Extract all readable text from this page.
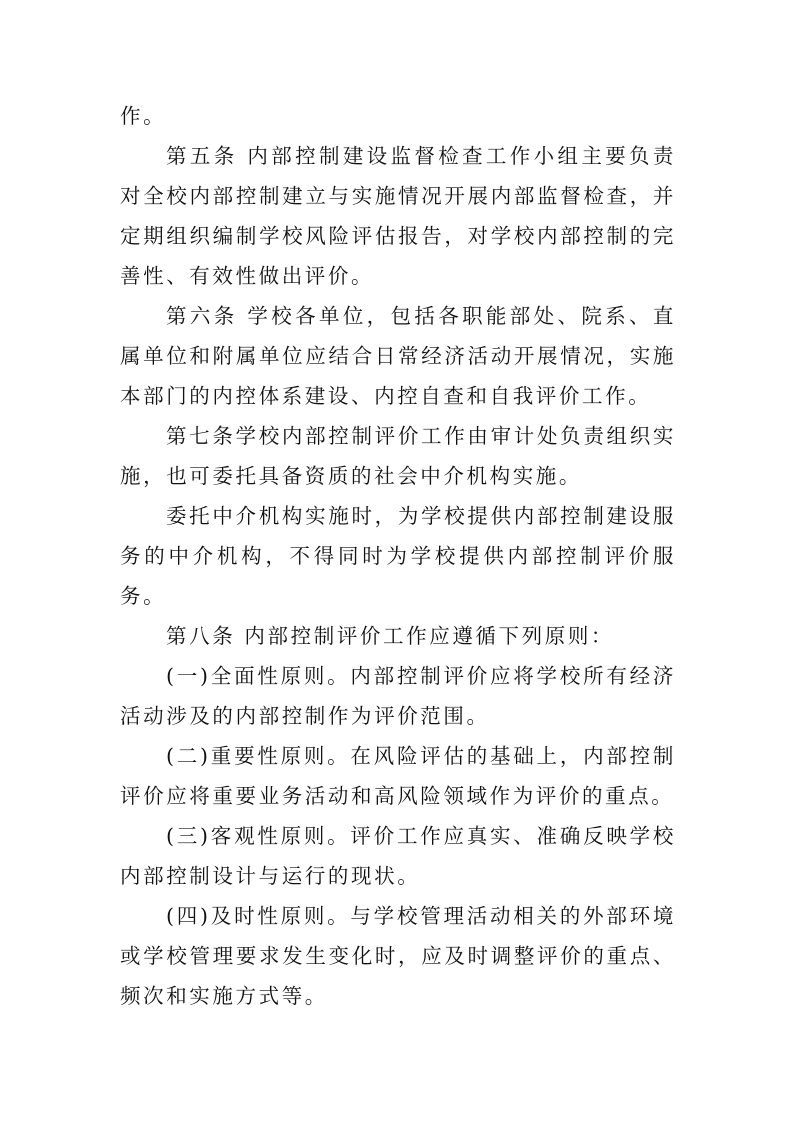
作。

第五条 内部控制建设监督检查工作小组主要负责对全校内部控制建立与实施情况开展内部监督检查，并定期组织编制学校风险评估报告，对学校内部控制的完善性、有效性做出评价。

第六条 学校各单位，包括各职能部处、院系、直属单位和附属单位应结合日常经济活动开展情况，实施本部门的内控体系建设、内控自查和自我评价工作。

第七条学校内部控制评价工作由审计处负责组织实施，也可委托具备资质的社会中介机构实施。

委托中介机构实施时，为学校提供内部控制建设服务的中介机构，不得同时为学校提供内部控制评价服务。

第八条 内部控制评价工作应遵循下列原则：

(一)全面性原则。内部控制评价应将学校所有经济活动涉及的内部控制作为评价范围。

(二)重要性原则。在风险评估的基础上，内部控制评价应将重要业务活动和高风险领域作为评价的重点。

(三)客观性原则。评价工作应真实、准确反映学校内部控制设计与运行的现状。

(四)及时性原则。与学校管理活动相关的外部环境或学校管理要求发生变化时，应及时调整评价的重点、频次和实施方式等。
